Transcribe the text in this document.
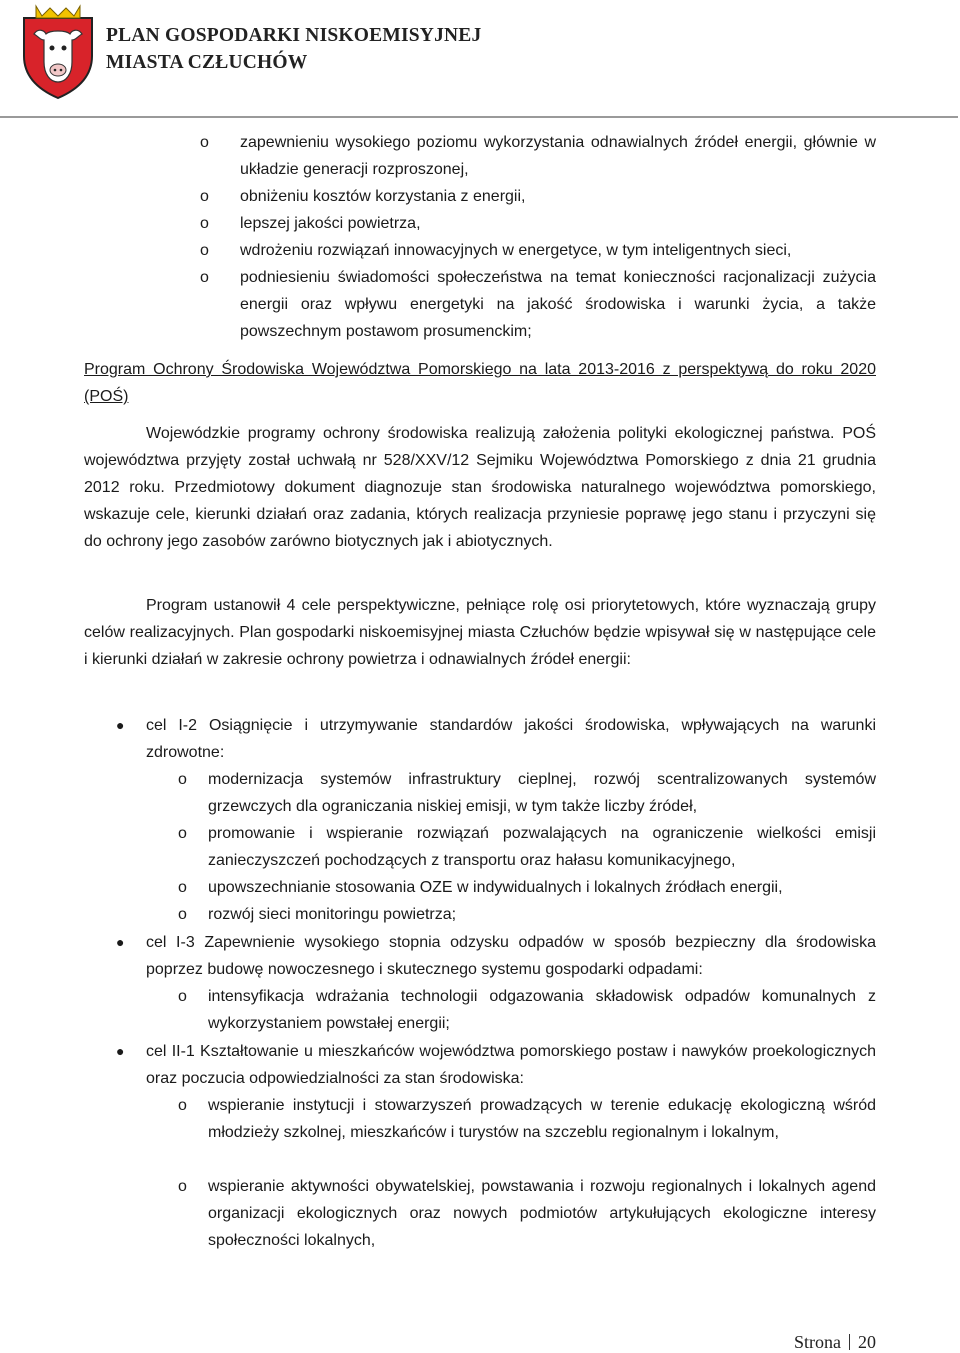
PLAN GOSPODARKI NISKOEMISYJNEJ
MIASTA CZŁUCHÓW
o zapewnieniu wysokiego poziomu wykorzystania odnawialnych źródeł energii, głównie w układzie generacji rozproszonej,
o obniżeniu kosztów korzystania z energii,
o lepszej jakości powietrza,
o wdrożeniu rozwiązań innowacyjnych w energetyce, w tym inteligentnych sieci,
o podniesieniu świadomości społeczeństwa na temat konieczności racjonalizacji zużycia energii oraz wpływu energetyki na jakość środowiska i warunki życia, a także powszechnym postawom prosumenckim;
Program Ochrony Środowiska Województwa Pomorskiego na lata 2013-2016 z perspektywą do roku 2020 (POŚ)
Wojewódzkie programy ochrony środowiska realizują założenia polityki ekologicznej państwa. POŚ województwa przyjęty został uchwałą nr 528/XXV/12 Sejmiku Województwa Pomorskiego z dnia 21 grudnia 2012 roku. Przedmiotowy dokument diagnozuje stan środowiska naturalnego województwa pomorskiego, wskazuje cele, kierunki działań oraz zadania, których realizacja przyniesie poprawę jego stanu i przyczyni się do ochrony jego zasobów zarówno biotycznych jak i abiotycznych.
Program ustanowił 4 cele perspektywiczne, pełniące rolę osi priorytetowych, które wyznaczają grupy celów realizacyjnych. Plan gospodarki niskoemisyjnej miasta Człuchów będzie wpisywał się w następujące cele i kierunki działań w zakresie ochrony powietrza i odnawialnych źródeł energii:
● cel I-2 Osiągnięcie i utrzymywanie standardów jakości środowiska, wpływających na warunki zdrowotne:
o modernizacja systemów infrastruktury cieplnej, rozwój scentralizowanych systemów grzewczych dla ograniczania niskiej emisji, w tym także liczby źródeł,
o promowanie i wspieranie rozwiązań pozwalających na ograniczenie wielkości emisji zanieczyszczeń pochodzących z transportu oraz hałasu komunikacyjnego,
o upowszechnianie stosowania OZE w indywidualnych i lokalnych źródłach energii,
o rozwój sieci monitoringu powietrza;
● cel I-3 Zapewnienie wysokiego stopnia odzysku odpadów w sposób bezpieczny dla środowiska poprzez budowę nowoczesnego i skutecznego systemu gospodarki odpadami:
o intensyfikacja wdrażania technologii odgazowania składowisk odpadów komunalnych z wykorzystaniem powstałej energii;
● cel II-1 Kształtowanie u mieszkańców województwa pomorskiego postaw i nawyków proekologicznych oraz poczucia odpowiedzialności za stan środowiska:
o wspieranie instytucji i stowarzyszeń prowadzących w terenie edukację ekologiczną wśród młodzieży szkolnej, mieszkańców i turystów na szczeblu regionalnym i lokalnym,
o wspieranie aktywności obywatelskiej, powstawania i rozwoju regionalnych i lokalnych agend organizacji ekologicznych oraz nowych podmiotów artykułujących ekologiczne interesy społeczności lokalnych,
Strona 20
